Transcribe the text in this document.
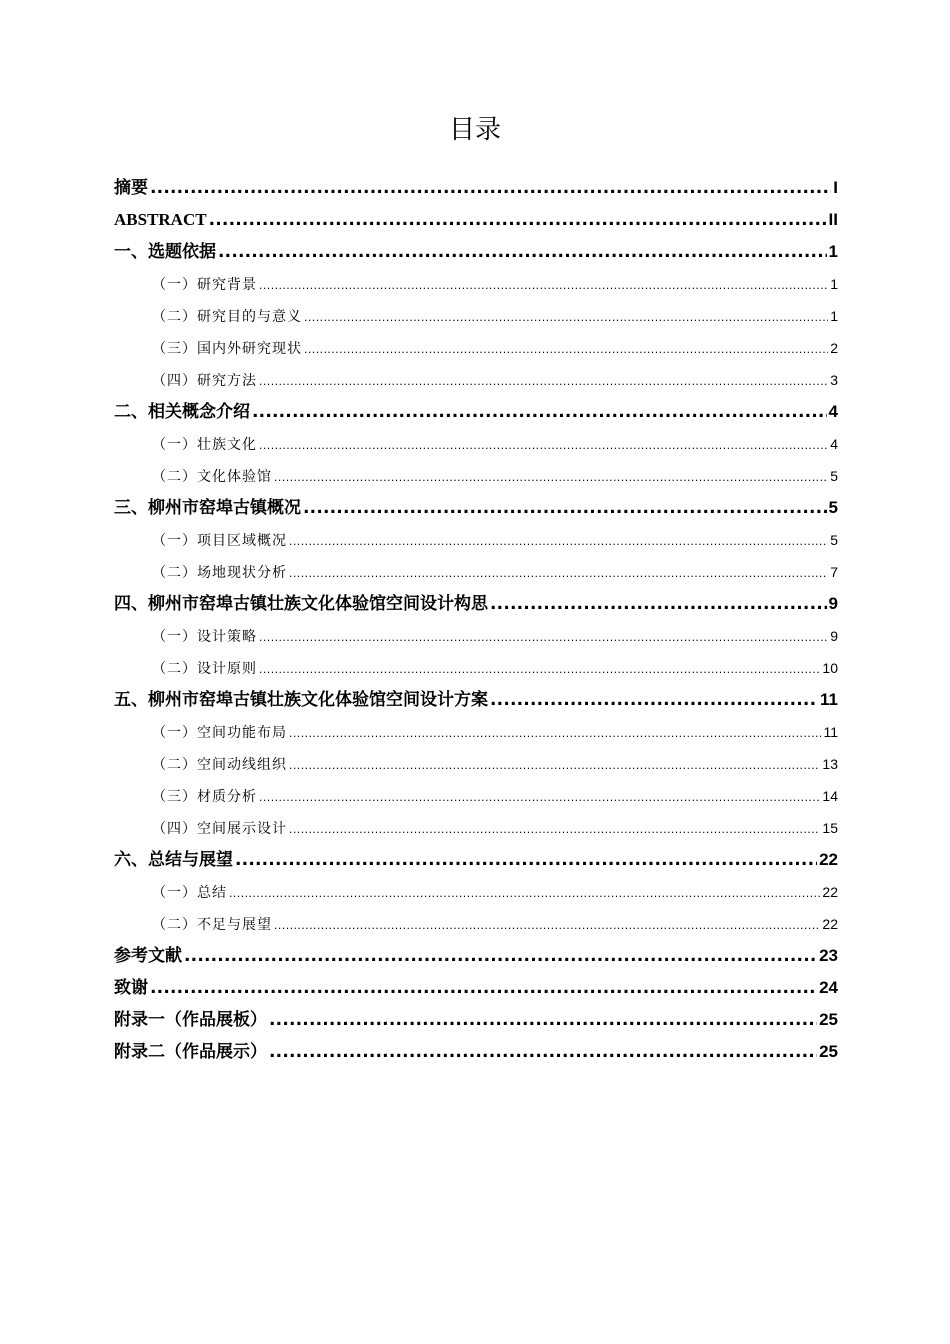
目录
摘要 .....	I
ABSTRACT .....	II
一、选题依据 .....	1
（一）研究背景 .....	1
（二）研究目的与意义 .....	1
（三）国内外研究现状 .....	2
（四）研究方法 .....	3
二、相关概念介绍 .....	4
（一）壮族文化 .....	4
（二）文化体验馆 .....	5
三、柳州市窑埠古镇概况 .....	5
（一）项目区域概况 .....	5
（二）场地现状分析 .....	7
四、柳州市窑埠古镇壮族文化体验馆空间设计构思 .....	9
（一）设计策略 .....	9
（二）设计原则 .....	10
五、柳州市窑埠古镇壮族文化体验馆空间设计方案 .....	11
（一）空间功能布局 .....	11
（二）空间动线组织 .....	13
（三）材质分析 .....	14
（四）空间展示设计 .....	15
六、总结与展望 .....	22
（一）总结 .....	22
（二）不足与展望 .....	22
参考文献 .....	23
致谢 .....	24
附录一（作品展板） .....	25
附录二（作品展示） .....	25
